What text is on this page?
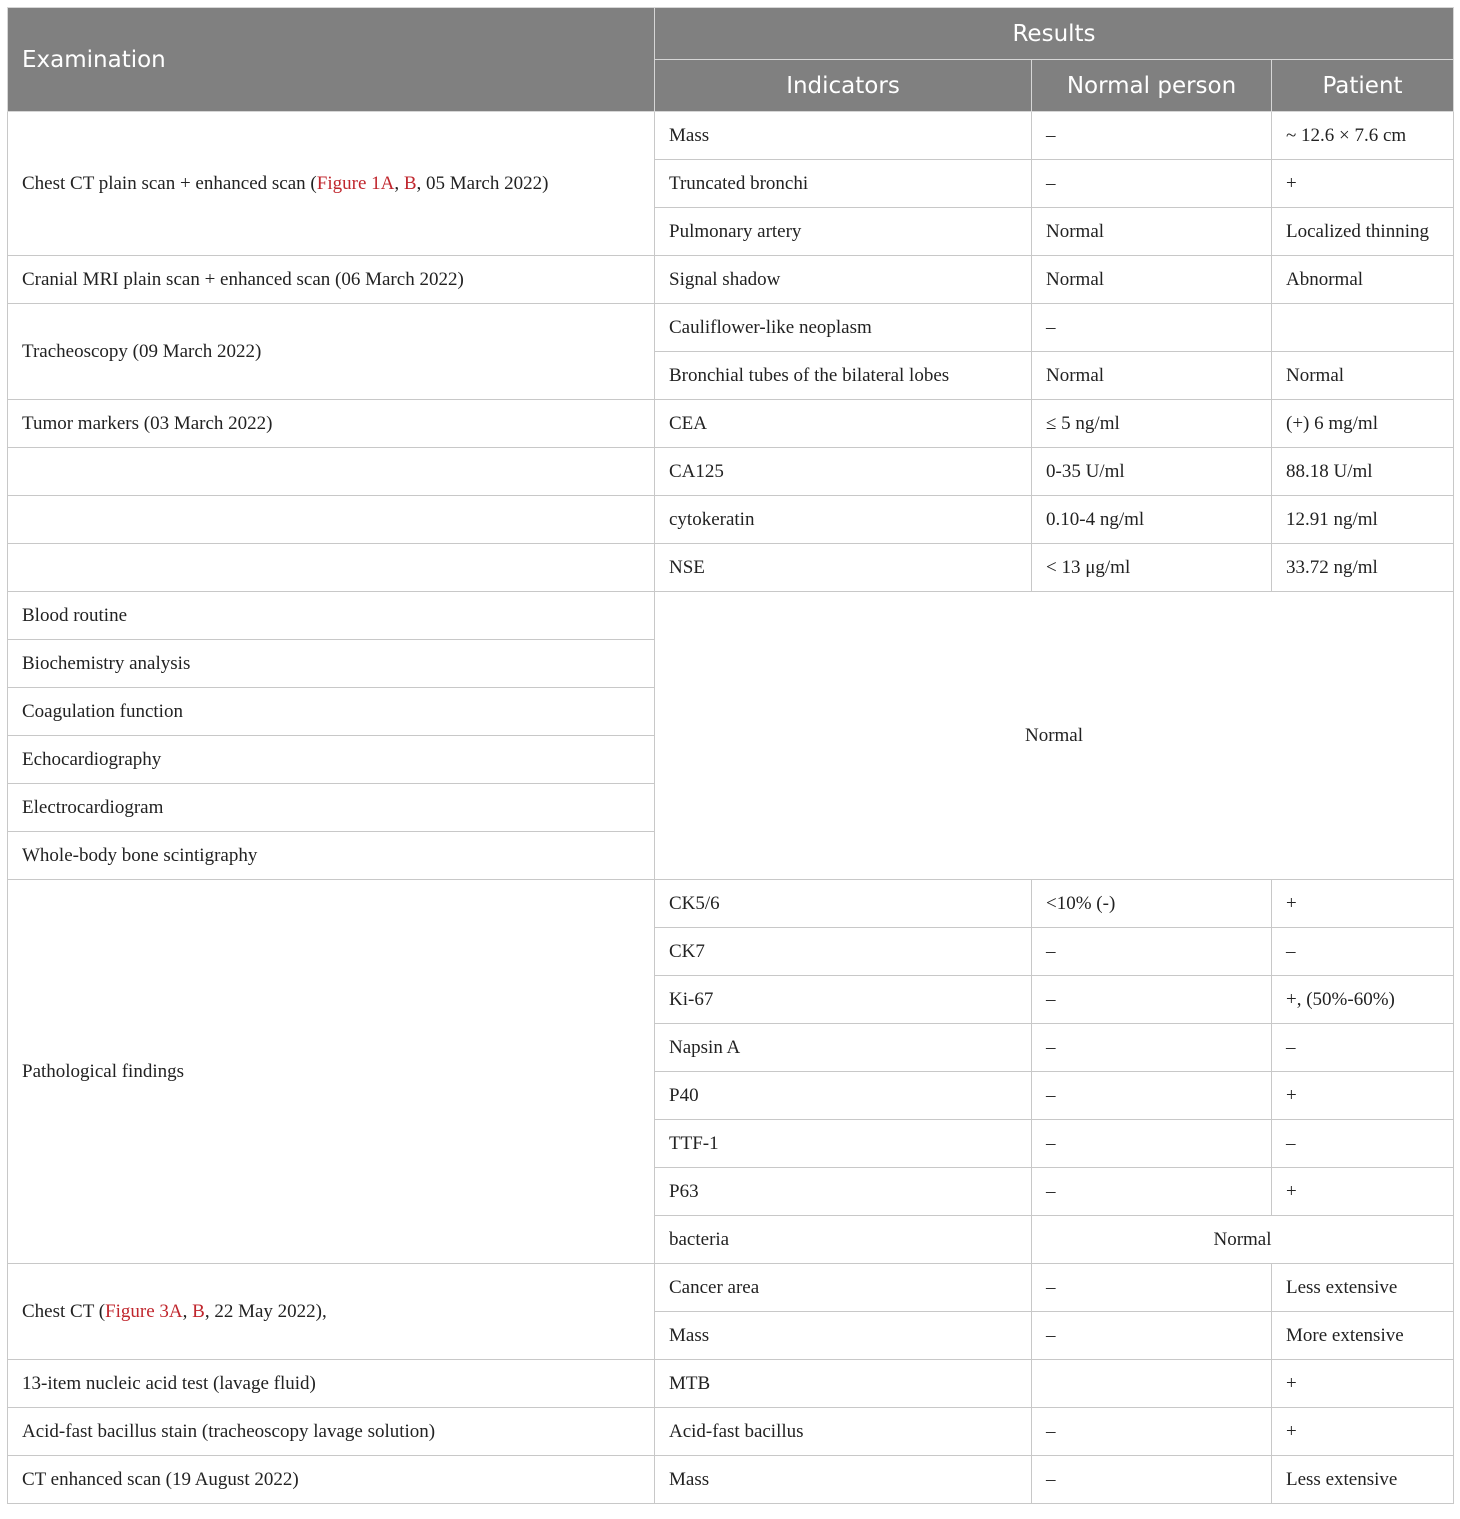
Examination	Results		
	Indicators	Normal person	Patient
Chest CT plain scan + enhanced scan (Figure 1A, B, 05 March 2022)	Mass	–	~ 12.6 × 7.6 cm
	Truncated bronchi	–	+
	Pulmonary artery	Normal	Localized thinning
Cranial MRI plain scan + enhanced scan (06 March 2022)	Signal shadow	Normal	Abnormal
Tracheoscopy (09 March 2022)	Cauliflower-like neoplasm	–	
	Bronchial tubes of the bilateral lobes	Normal	Normal
Tumor markers (03 March 2022)	CEA	≤ 5 ng/ml	(+) 6 mg/ml
	CA125	0-35 U/ml	88.18 U/ml
	cytokeratin	0.10-4 ng/ml	12.91 ng/ml
	NSE	< 13 μg/ml	33.72 ng/ml
Blood routine	Normal		
Biochemistry analysis			
Coagulation function			
Echocardiography			
Electrocardiogram			
Whole-body bone scintigraphy			
Pathological findings	CK5/6	<10% (-)	+
	CK7	–	–
	Ki-67	–	+, (50%-60%)
	Napsin A	–	–
	P40	–	+
	TTF-1	–	–
	P63	–	+
	bacteria	Normal	
Chest CT (Figure 3A, B, 22 May 2022),	Cancer area	–	Less extensive
	Mass	–	More extensive
13-item nucleic acid test (lavage fluid)	MTB		+
Acid-fast bacillus stain (tracheoscopy lavage solution)	Acid-fast bacillus	–	+
CT enhanced scan (19 August 2022)	Mass	–	Less extensive
